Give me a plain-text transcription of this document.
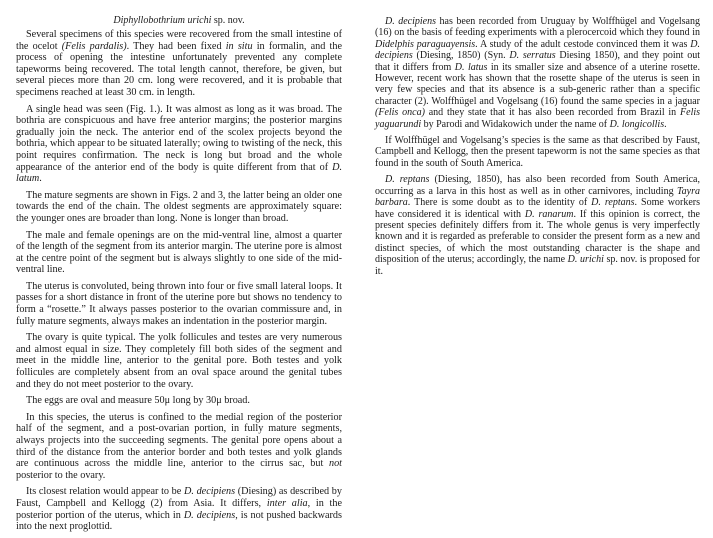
Diphyllobothrium urichi sp. nov.

Several specimens of this species were recovered from the small intestine of the ocelot (Felis pardalis). They had been fixed in situ in formalin, and the process of opening the intestine unfortunately prevented any complete tapeworms being recovered. The total length cannot, therefore, be given, but several pieces more than 20 cm. long were recovered, and it is probable that specimens reached at least 30 cm. in length.

A single head was seen (Fig. 1.). It was almost as long as it was broad. The bothria are conspicuous and have free anterior margins; the posterior margins gradually join the neck. The anterior end of the scolex projects beyond the bothria, which appear to be situated laterally; owing to twisting of the neck, this point requires confirmation. The neck is long but broad and the whole appearance of the anterior end of the body is quite different from that of D. latum.

The mature segments are shown in Figs. 2 and 3, the latter being an older one towards the end of the chain. The oldest segments are approximately square: the younger ones are broader than long. None is longer than broad.

The male and female openings are on the mid-ventral line, almost a quarter of the length of the segment from its anterior margin. The uterine pore is almost at the centre point of the segment but is always slightly to one side of the mid-ventral line.

The uterus is convoluted, being thrown into four or five small lateral loops. It passes for a short distance in front of the uterine pore but shows no tendency to form a “rosette.” It always passes posterior to the ovarian commissure and, in fully mature segments, always makes an indentation in the posterior margin.

The ovary is quite typical. The yolk follicules and testes are very numerous and almost equal in size. They completely fill both sides of the segment and meet in the middle line, anterior to the genital pore. Both testes and yolk follicules are completely absent from an oval space around the genital tubes and they do not meet posterior to the ovary.

The eggs are oval and measure 50μ long by 30μ broad.

In this species, the uterus is confined to the medial region of the posterior half of the segment, and a post-ovarian portion, in fully mature segments, always projects into the succeeding segments. The genital pore opens about a third of the distance from the anterior border and both testes and yolk glands are continuous across the middle line, anterior to the cirrus sac, but not posterior to the ovary.

Its closest relation would appear to be D. decipiens (Diesing) as described by Faust, Campbell and Kellogg (2) from Asia. It differs, inter alia, in the posterior portion of the uterus, which in D. decipiens, is not pushed backwards into the next proglottid.

D. decipiens has been recorded from Uruguay by Wolffhügel and Vogelsang (16) on the basis of feeding experiments with a plerocercoid which they found in Didelphis paraguayensis. A study of the adult cestode convinced them it was D. decipiens (Diesing, 1850) (Syn. D. serratus Diesing 1850), and they point out that it differs from D. latus in its smaller size and absence of a uterine rosette. However, recent work has shown that the rosette shape of the uterus is seen in very few species and that its absence is a sub-generic rather than a specific character (2). Wolffhügel and Vogelsang (16) found the same species in a jaguar (Felis onca) and they state that it has also been recorded from Brazil in Felis yaguarundi by Parodi and Widakowich under the name of D. longicollis.

If Wolffhügel and Vogelsang’s species is the same as that described by Faust, Campbell and Kellogg, then the present tapeworm is not the same species as that found in the south of South America.

D. reptans (Diesing, 1850), has also been recorded from South America, occurring as a larva in this host as well as in other carnivores, including Tayra barbara. There is some doubt as to the identity of D. reptans. Some workers have considered it is identical with D. ranarum. If this opinion is correct, the present species definitely differs from it. The whole genus is very imperfectly known and it is regarded as preferable to consider the present form as a new and distinct species, of which the most outstanding character is the shape and disposition of the uterus; accordingly, the name D. urichi sp. nov. is proposed for it.
